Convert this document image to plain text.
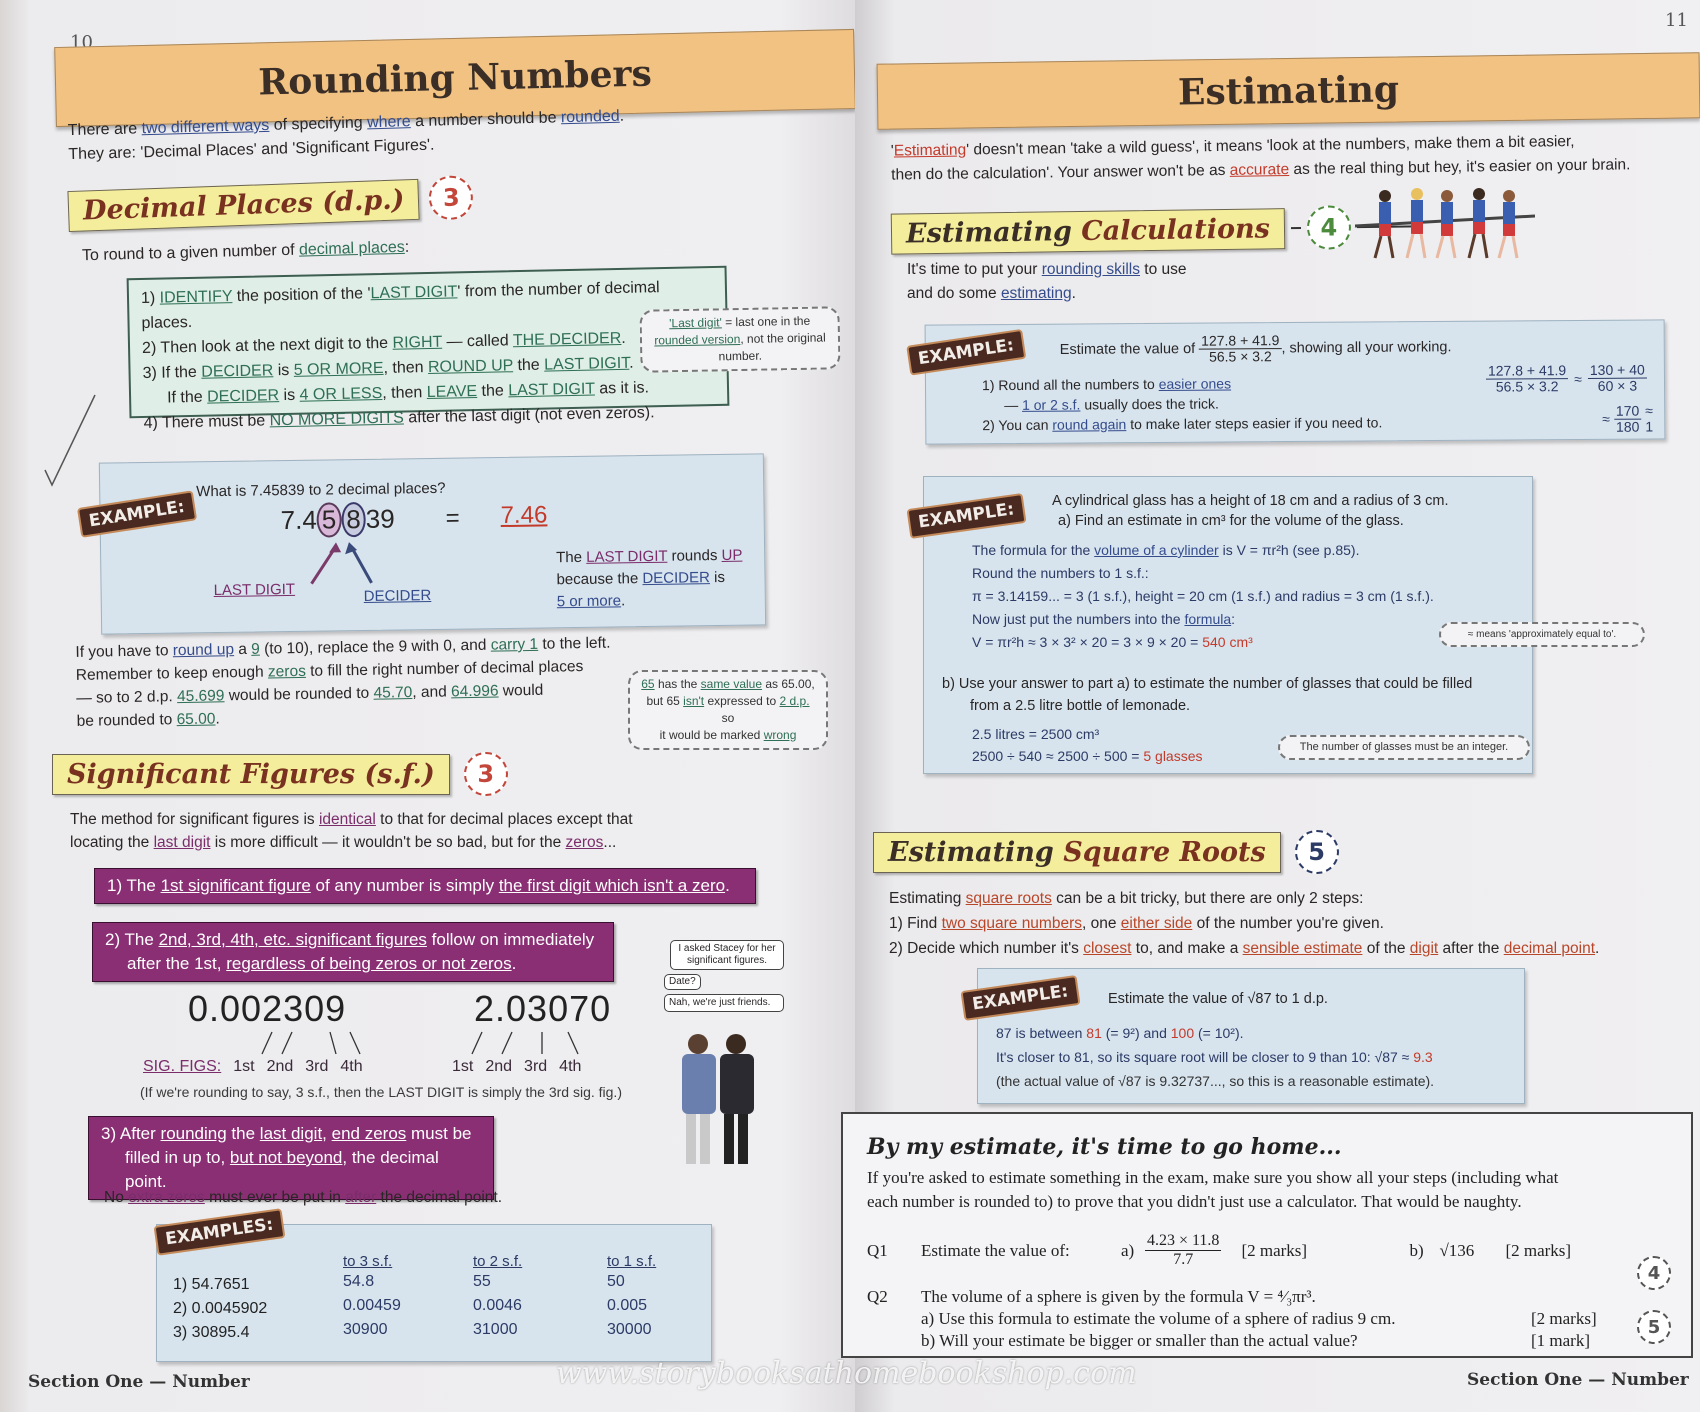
10
Rounding Numbers
There are two different ways of specifying where a number should be rounded.
They are: 'Decimal Places' and 'Significant Figures'.
Decimal Places (d.p.)	3
To round to a given number of decimal places:
1) IDENTIFY the position of the 'LAST DIGIT' from the number of decimal places.
2) Then look at the next digit to the RIGHT — called THE DECIDER.
3) If the DECIDER is 5 OR MORE, then ROUND UP the LAST DIGIT.
If the DECIDER is 4 OR LESS, then LEAVE the LAST DIGIT as it is.
4) There must be NO MORE DIGITS after the last digit (not even zeros).
'Last digit' = last one in the rounded version, not the original number.
EXAMPLE:
What is 7.45839 to 2 decimal places?
7.4 5 8 39 = 7.46
LAST DIGIT	DECIDER
The LAST DIGIT rounds UP
because the DECIDER is
5 or more.
If you have to round up a 9 (to 10), replace the 9 with 0, and carry 1 to the left.
Remember to keep enough zeros to fill the right number of decimal places
— so to 2 d.p. 45.699 would be rounded to 45.70, and 64.996 would
be rounded to 65.00.
65 has the same value as 65.00,
but 65 isn't expressed to 2 d.p. so
it would be marked wrong
Significant Figures (s.f.)	3
The method for significant figures is identical to that for decimal places except that
locating the last digit is more difficult — it wouldn't be so bad, but for the zeros...
1) The 1st significant figure of any number is simply the first digit which isn't a zero.
2) The 2nd, 3rd, 4th, etc. significant figures follow on immediately
after the 1st, regardless of being zeros or not zeros.
0.002309	2.03070
SIG. FIGS: 1st 2nd 3rd 4th	1st 2nd 3rd 4th
(If we're rounding to say, 3 s.f., then the LAST DIGIT is simply the 3rd sig. fig.)
I asked Stacey for her significant figures.
Date?
Nah, we're just friends.
3) After rounding the last digit, end zeros must be
filled in up to, but not beyond, the decimal point.
No extra zeros must ever be put in after the decimal point.
EXAMPLES:
	to 3 s.f.	to 2 s.f.	to 1 s.f.
1) 54.7651	54.8	55	50
2) 0.0045902	0.00459	0.0046	0.005
3) 30895.4	30900	31000	30000
Section One — Number
11
Estimating
'Estimating' doesn't mean 'take a wild guess', it means 'look at the numbers, make them a bit easier,
then do the calculation'. Your answer won't be as accurate as the real thing but hey, it's easier on your brain.
Estimating Calculations	4
It's time to put your rounding skills to use
and do some estimating.
EXAMPLE:	Estimate the value of $\frac{127.8 + 41.9}{56.5 \times 3.2}$ , showing all your working.
1) Round all the numbers to easier ones
— 1 or 2 s.f. usually does the trick.
2) You can round again to make later steps easier if you need to.
$\frac{127.8 + 41.9}{56.5 \times 3.2} \approx \frac{130 + 40}{60 \times 3}$
≈ $\frac{170}{180} \approx 1$
EXAMPLE:	A cylindrical glass has a height of 18 cm and a radius of 3 cm.
a) Find an estimate in cm³ for the volume of the glass.
The formula for the volume of a cylinder is V = πr²h (see p.85).
Round the numbers to 1 s.f.:
π = 3.14159... = 3 (1 s.f.), height = 20 cm (1 s.f.) and radius = 3 cm (1 s.f.).
Now just put the numbers into the formula:
V = πr²h ≈ 3 × 3² × 20 = 3 × 9 × 20 = 540 cm³
b) Use your answer to part a) to estimate the number of glasses that could be filled
from a 2.5 litre bottle of lemonade.
2.5 litres = 2500 cm³
2500 ÷ 540 ≈ 2500 ÷ 500 = 5 glasses
The number of glasses must be an integer.
≈ means 'approximately equal to'.
Estimating Square Roots	5
Estimating square roots can be a bit tricky, but there are only 2 steps:
1) Find two square numbers, one either side of the number you're given.
2) Decide which number it's closest to, and make a sensible estimate of the digit after the decimal point.
EXAMPLE:	Estimate the value of √87 to 1 d.p.
87 is between 81 (= 9²) and 100 (= 10²).
It's closer to 81, so its square root will be closer to 9 than 10: √87 ≈ 9.3
(the actual value of √87 is 9.32737..., so this is a reasonable estimate).
By my estimate, it's time to go home...
If you're asked to estimate something in the exam, make sure you show all your steps (including what
each number is rounded to) to prove that you didn't just use a calculator. That would be naughty.
Q1	Estimate the value of:	$a) \frac{4.23 \times 11.8}{7.7} [2$ marks]	b) √136	[2 marks]
4
Q2	The volume of a sphere is given by the formula V = ⁴⁄₃πr³.
a) Use this formula to estimate the volume of a sphere of radius 9 cm.	[2 marks]
b) Will your estimate be bigger or smaller than the actual value?	[1 mark]
5
Section One — Number
www.storybooksathomebookshop.com
